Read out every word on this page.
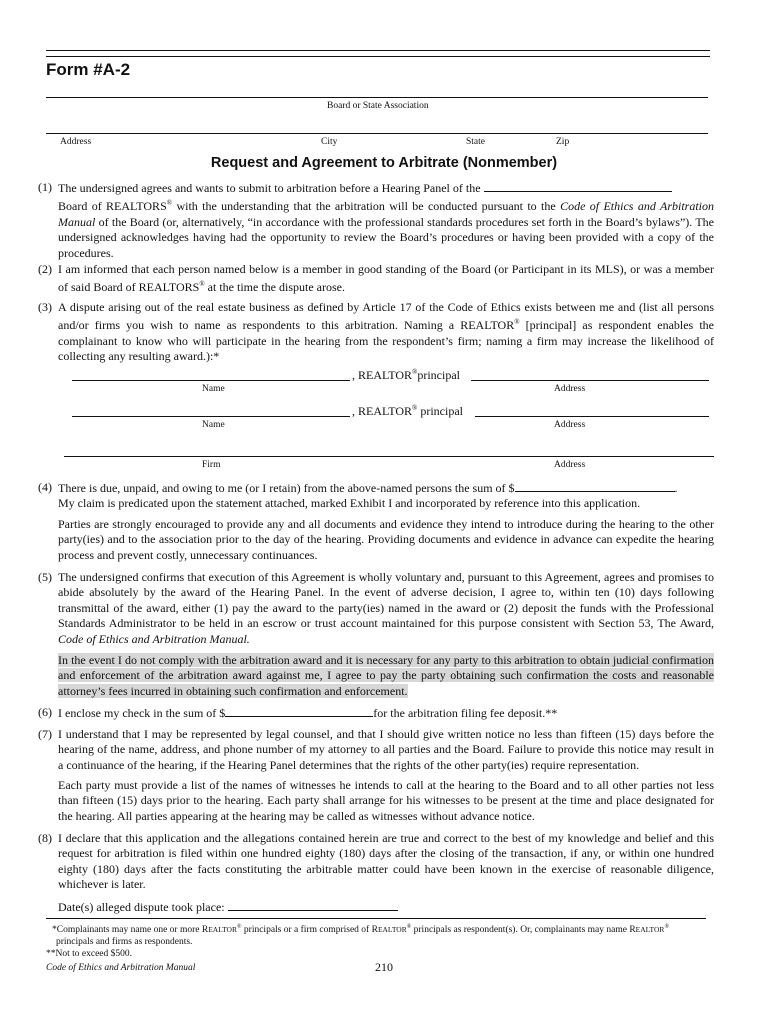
Form #A-2
Board or State Association
Address	City	State	Zip
Request and Agreement to Arbitrate (Nonmember)
(1) The undersigned agrees and wants to submit to arbitration before a Hearing Panel of the
Board of REALTORS® with the understanding that the arbitration will be conducted pursuant to the Code of Ethics and Arbitration Manual of the Board (or, alternatively, “in accordance with the professional standards procedures set forth in the Board’s bylaws”). The undersigned acknowledges having had the opportunity to review the Board’s procedures or having been provided with a copy of the procedures.
(2) I am informed that each person named below is a member in good standing of the Board (or Participant in its MLS), or was a member of said Board of REALTORS® at the time the dispute arose.
(3) A dispute arising out of the real estate business as defined by Article 17 of the Code of Ethics exists between me and (list all persons and/or firms you wish to name as respondents to this arbitration. Naming a REALTOR® [principal] as respondent enables the complainant to know who will participate in the hearing from the respondent’s firm; naming a firm may increase the likelihood of collecting any resulting award.):*
, REALTOR®principal
Name	Address
, REALTOR® principal
Name	Address
Firm	Address
(4) There is due, unpaid, and owing to me (or I retain) from the above-named persons the sum of $	.
My claim is predicated upon the statement attached, marked Exhibit I and incorporated by reference into this application.
Parties are strongly encouraged to provide any and all documents and evidence they intend to introduce during the hearing to the other party(ies) and to the association prior to the day of the hearing. Providing documents and evidence in advance can expedite the hearing process and prevent costly, unnecessary continuances.
(5) The undersigned confirms that execution of this Agreement is wholly voluntary and, pursuant to this Agreement, agrees and promises to abide absolutely by the award of the Hearing Panel. In the event of adverse decision, I agree to, within ten (10) days following transmittal of the award, either (1) pay the award to the party(ies) named in the award or (2) deposit the funds with the Professional Standards Administrator to be held in an escrow or trust account maintained for this purpose consistent with Section 53, The Award, Code of Ethics and Arbitration Manual.
In the event I do not comply with the arbitration award and it is necessary for any party to this arbitration to obtain judicial confirmation and enforcement of the arbitration award against me, I agree to pay the party obtaining such confirmation the costs and reasonable attorney’s fees incurred in obtaining such confirmation and enforcement.
(6) I enclose my check in the sum of $	for the arbitration filing fee deposit.**
(7) I understand that I may be represented by legal counsel, and that I should give written notice no less than fifteen (15) days before the hearing of the name, address, and phone number of my attorney to all parties and the Board. Failure to provide this notice may result in a continuance of the hearing, if the Hearing Panel determines that the rights of the other party(ies) require representation.
Each party must provide a list of the names of witnesses he intends to call at the hearing to the Board and to all other parties not less than fifteen (15) days prior to the hearing. Each party shall arrange for his witnesses to be present at the time and place designated for the hearing. All parties appearing at the hearing may be called as witnesses without advance notice.
(8) I declare that this application and the allegations contained herein are true and correct to the best of my knowledge and belief and this request for arbitration is filed within one hundred eighty (180) days after the closing of the transaction, if any, or within one hundred eighty (180) days after the facts constituting the arbitrable matter could have been known in the exercise of reasonable diligence, whichever is later.
Date(s) alleged dispute took place:
*Complainants may name one or more REALTOR® principals or a firm comprised of REALTOR® principals as respondent(s). Or, complainants may name REALTOR® principals and firms as respondents.
**Not to exceed $500.
Code of Ethics and Arbitration Manual	210
